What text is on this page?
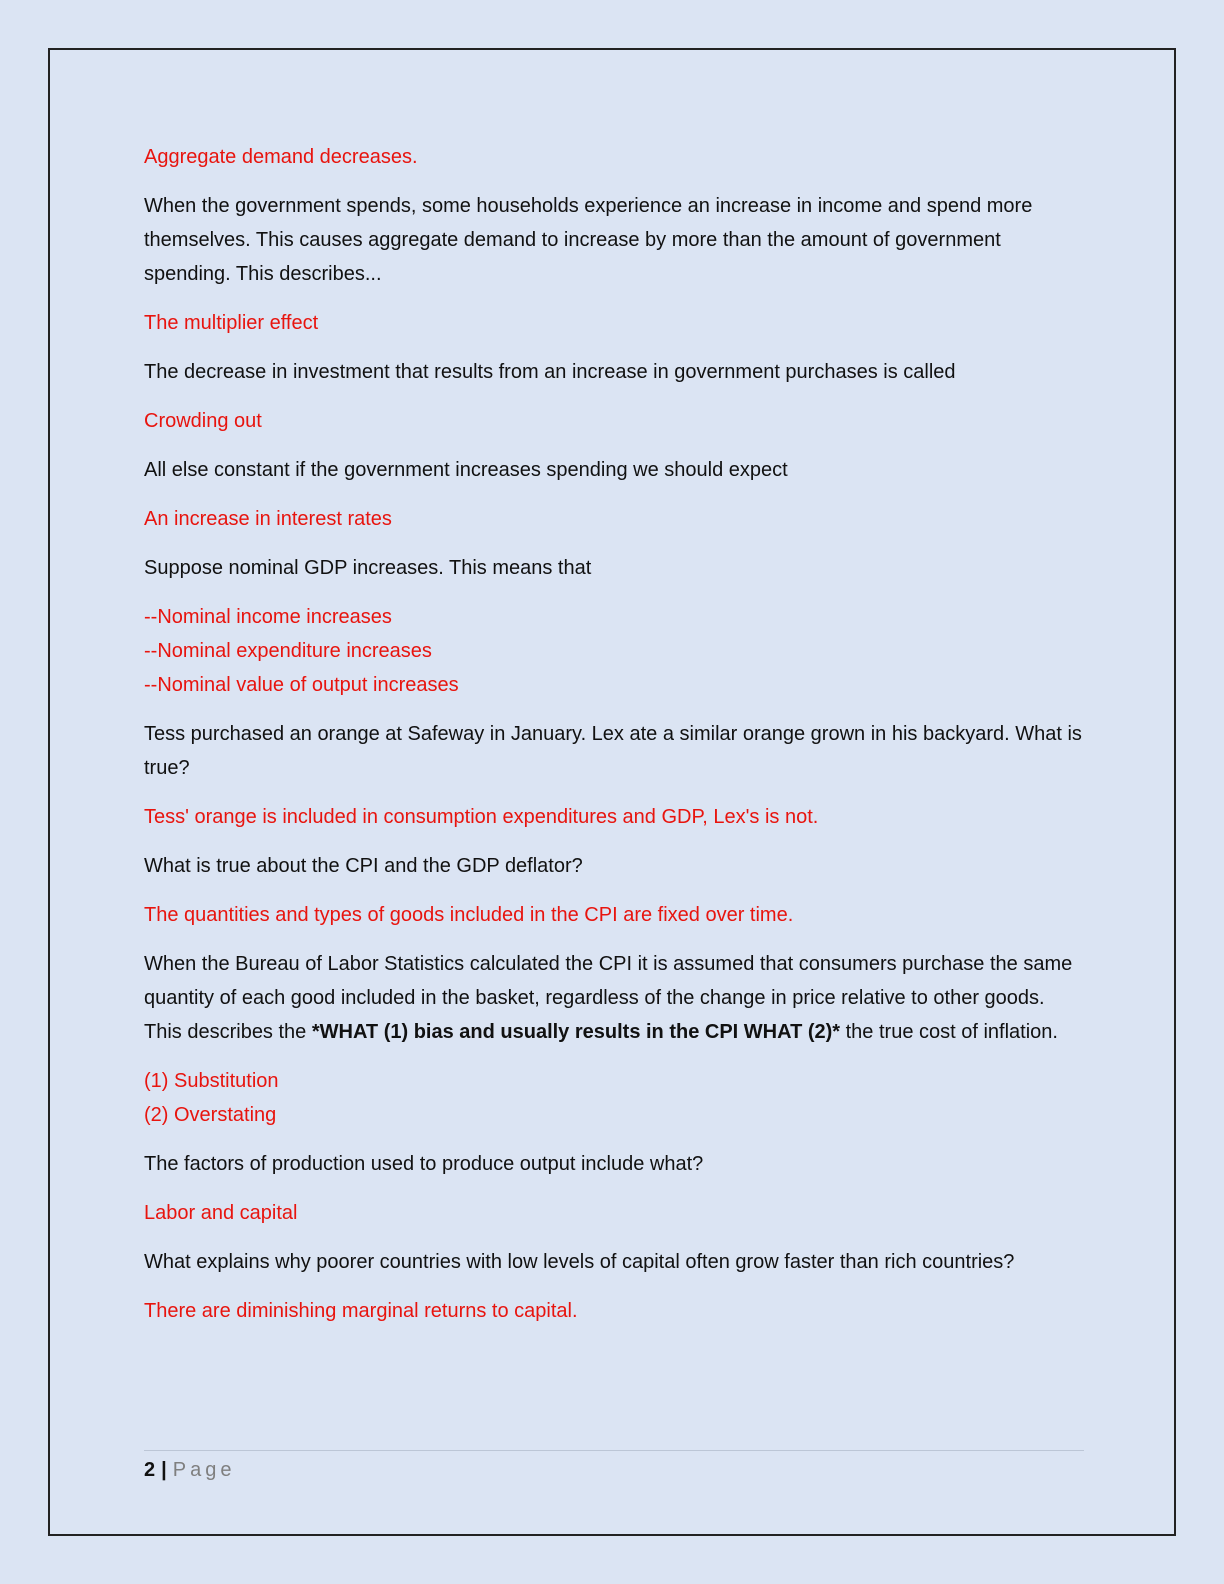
Aggregate demand decreases.

When the government spends, some households experience an increase in income and spend more themselves. This causes aggregate demand to increase by more than the amount of government spending. This describes...

The multiplier effect

The decrease in investment that results from an increase in government purchases is called

Crowding out

All else constant if the government increases spending we should expect

An increase in interest rates

Suppose nominal GDP increases. This means that

--Nominal income increases

--Nominal expenditure increases

--Nominal value of output increases

Tess purchased an orange at Safeway in January. Lex ate a similar orange grown in his backyard. What is true?

Tess' orange is included in consumption expenditures and GDP, Lex's is not.

What is true about the CPI and the GDP deflator?

The quantities and types of goods included in the CPI are fixed over time.

When the Bureau of Labor Statistics calculated the CPI it is assumed that consumers purchase the same quantity of each good included in the basket, regardless of the change in price relative to other goods. This describes the *WHAT (1) bias and usually results in the CPI WHAT (2)* the true cost of inflation.

(1) Substitution

(2) Overstating

The factors of production used to produce output include what?

Labor and capital

What explains why poorer countries with low levels of capital often grow faster than rich countries?

There are diminishing marginal returns to capital.

2 | Page
